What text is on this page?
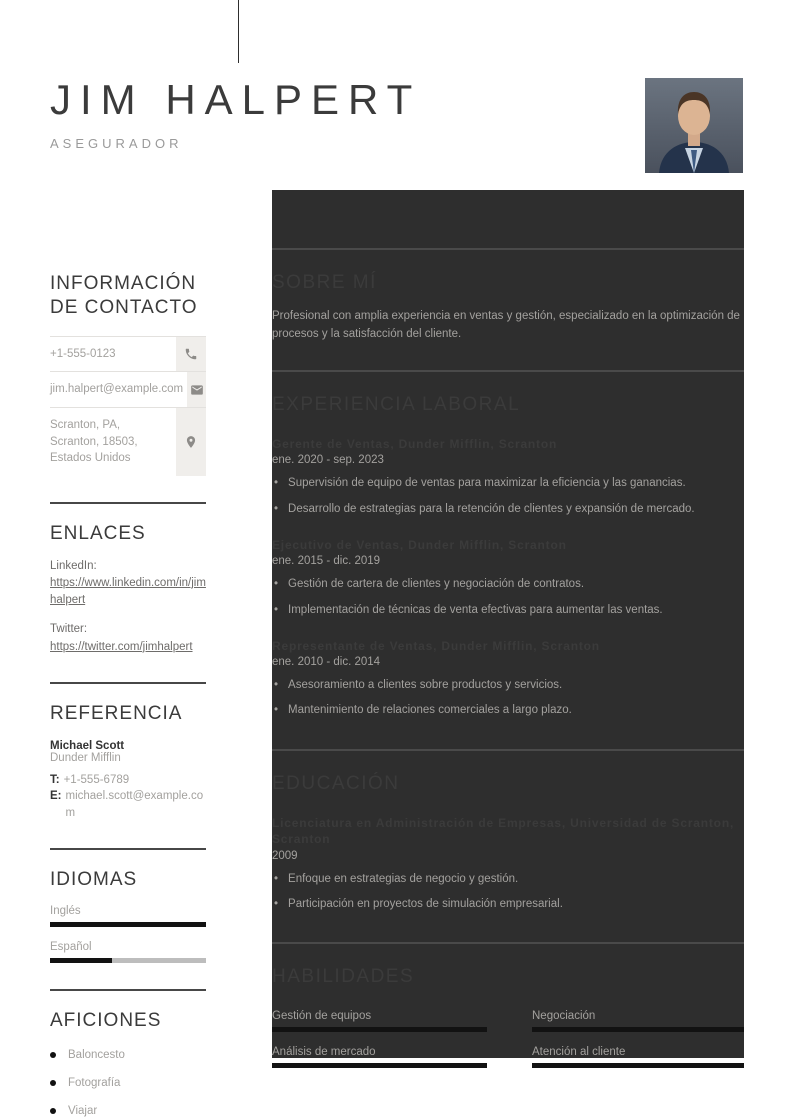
JIM HALPERT
ASEGURADOR
INFORMACIÓN DE CONTACTO
+1-555-0123
jim.halpert@example.com
Scranton, PA, Scranton, 18503, Estados Unidos
ENLACES
LinkedIn:
https://www.linkedin.com/in/jimhalpert
Twitter:
https://twitter.com/jimhalpert
REFERENCIA
Michael Scott
Dunder Mifflin
T: +1-555-6789
E: michael.scott@example.com
IDIOMAS
Inglés
Español
AFICIONES
Baloncesto
Fotografía
Viajar
SOBRE MÍ

Profesional con amplia experiencia en ventas y gestión, especializado en la optimización de procesos y la satisfacción del cliente.

EXPERIENCIA LABORAL
Gerente de Ventas, Dunder Mifflin, Scranton
ene. 2020 - sep. 2023
• Supervisión de equipo de ventas para maximizar la eficiencia y las ganancias.
• Desarrollo de estrategias para la retención de clientes y expansión de mercado.
Ejecutivo de Ventas, Dunder Mifflin, Scranton
ene. 2015 - dic. 2019
• Gestión de cartera de clientes y negociación de contratos.
• Implementación de técnicas de venta efectivas para aumentar las ventas.
Representante de Ventas, Dunder Mifflin, Scranton
ene. 2010 - dic. 2014
• Asesoramiento a clientes sobre productos y servicios.
• Mantenimiento de relaciones comerciales a largo plazo.
EDUCACIÓN
Licenciatura en Administración de Empresas, Universidad de Scranton, Scranton
2009
• Enfoque en estrategias de negocio y gestión.
• Participación en proyectos de simulación empresarial.
HABILIDADES
Gestión de equipos	Negociación
Análisis de mercado	Atención al cliente
